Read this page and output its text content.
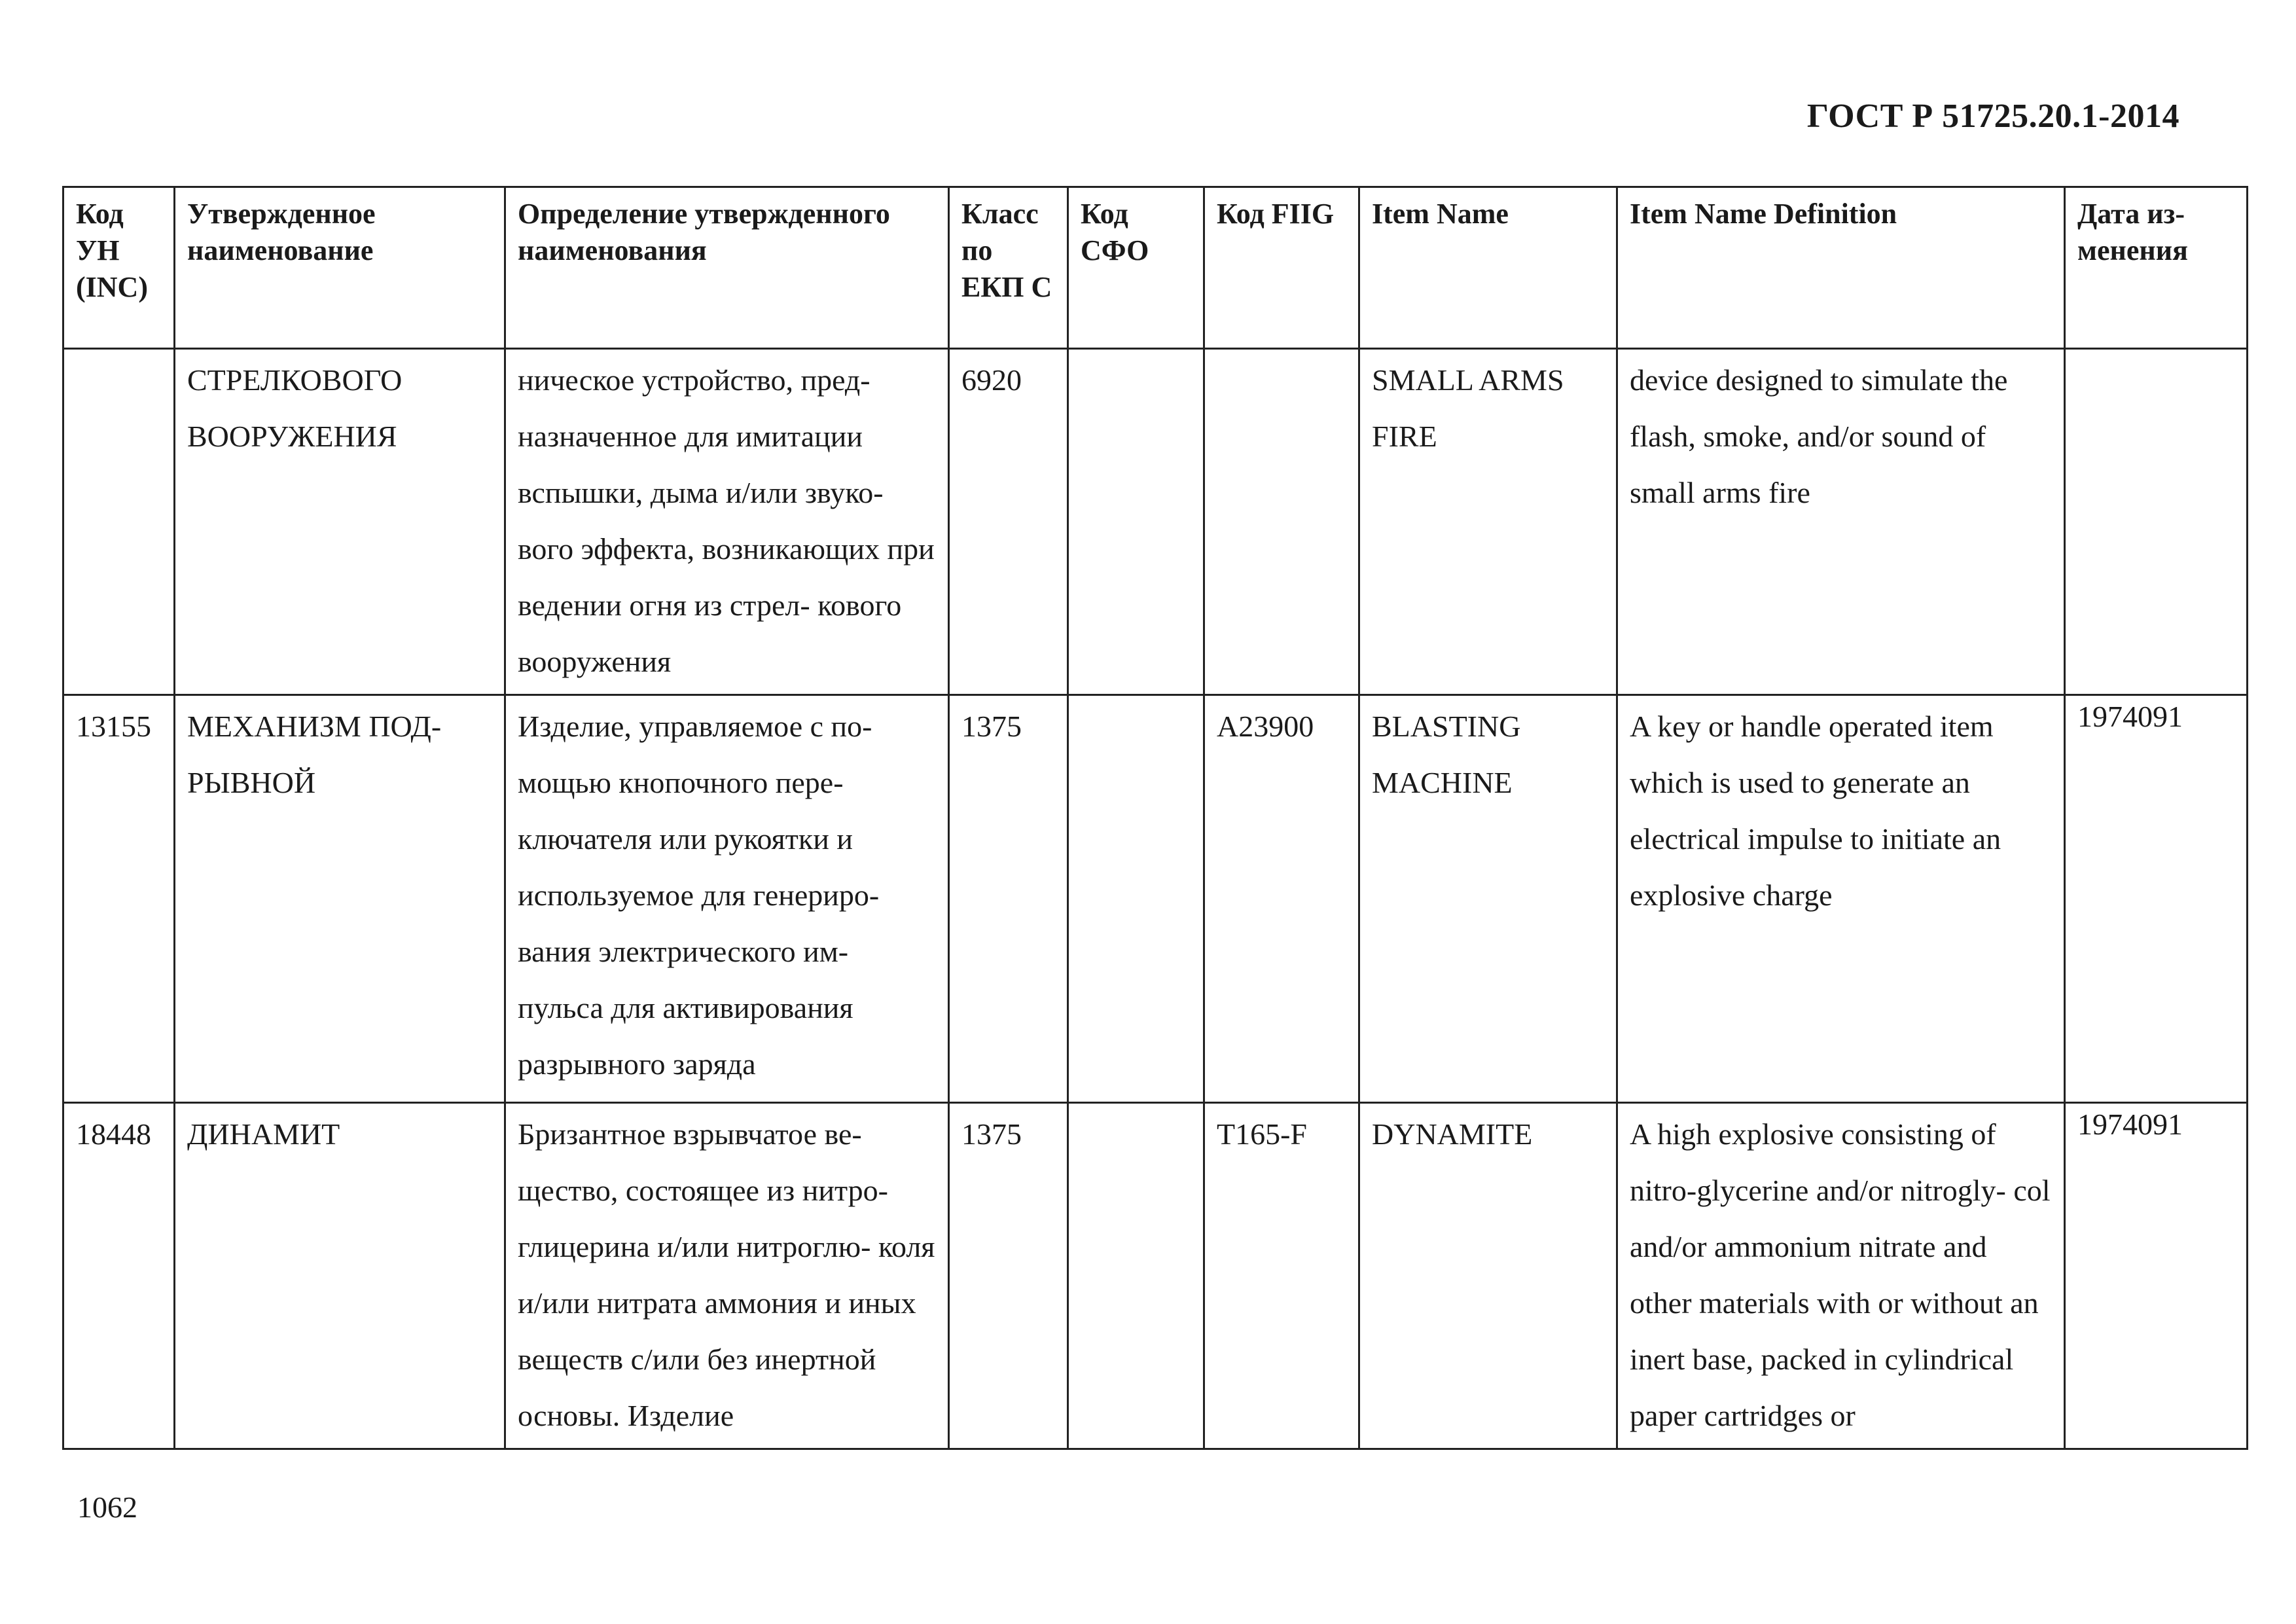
ГОСТ Р 51725.20.1-2014
Код УН (INC)	Утвержденное наименование	Определение утвержденного наименования	Класс по ЕКП С	Код СФО	Код FIIG	Item Name	Item Name Definition	Дата из- менения

	СТРЕЛКОВОГО ВООРУЖЕНИЯ	ническое устройство, пред- назначенное для имитации вспышки, дыма и/или звуко- вого эффекта, возникающих при ведении огня из стрел- кового вооружения	6920			SMALL ARMS FIRE	device designed to simulate the flash, smoke, and/or sound of small arms fire	

13155	МЕХАНИЗМ ПОД- РЫВНОЙ	Изделие, управляемое с по- мощью кнопочного пере- ключателя или рукоятки и используемое для генериро- вания электрического им- пульса для активирования разрывного заряда	1375		A23900	BLASTING MACHINE	A key or handle operated item which is used to generate an electrical impulse to initiate an explosive charge	1974091

18448	ДИНАМИТ	Бризантное взрывчатое ве- щество, состоящее из нитро- глицерина и/или нитроглю- коля и/или нитрата аммония и иных веществ с/или без инертной основы. Изделие	1375		T165-F	DYNAMITE	A high explosive consisting of nitro-glycerine and/or nitrogly- col and/or ammonium nitrate and other materials with or without an inert base, packed in cylindrical paper cartridges or	1974091
1062
